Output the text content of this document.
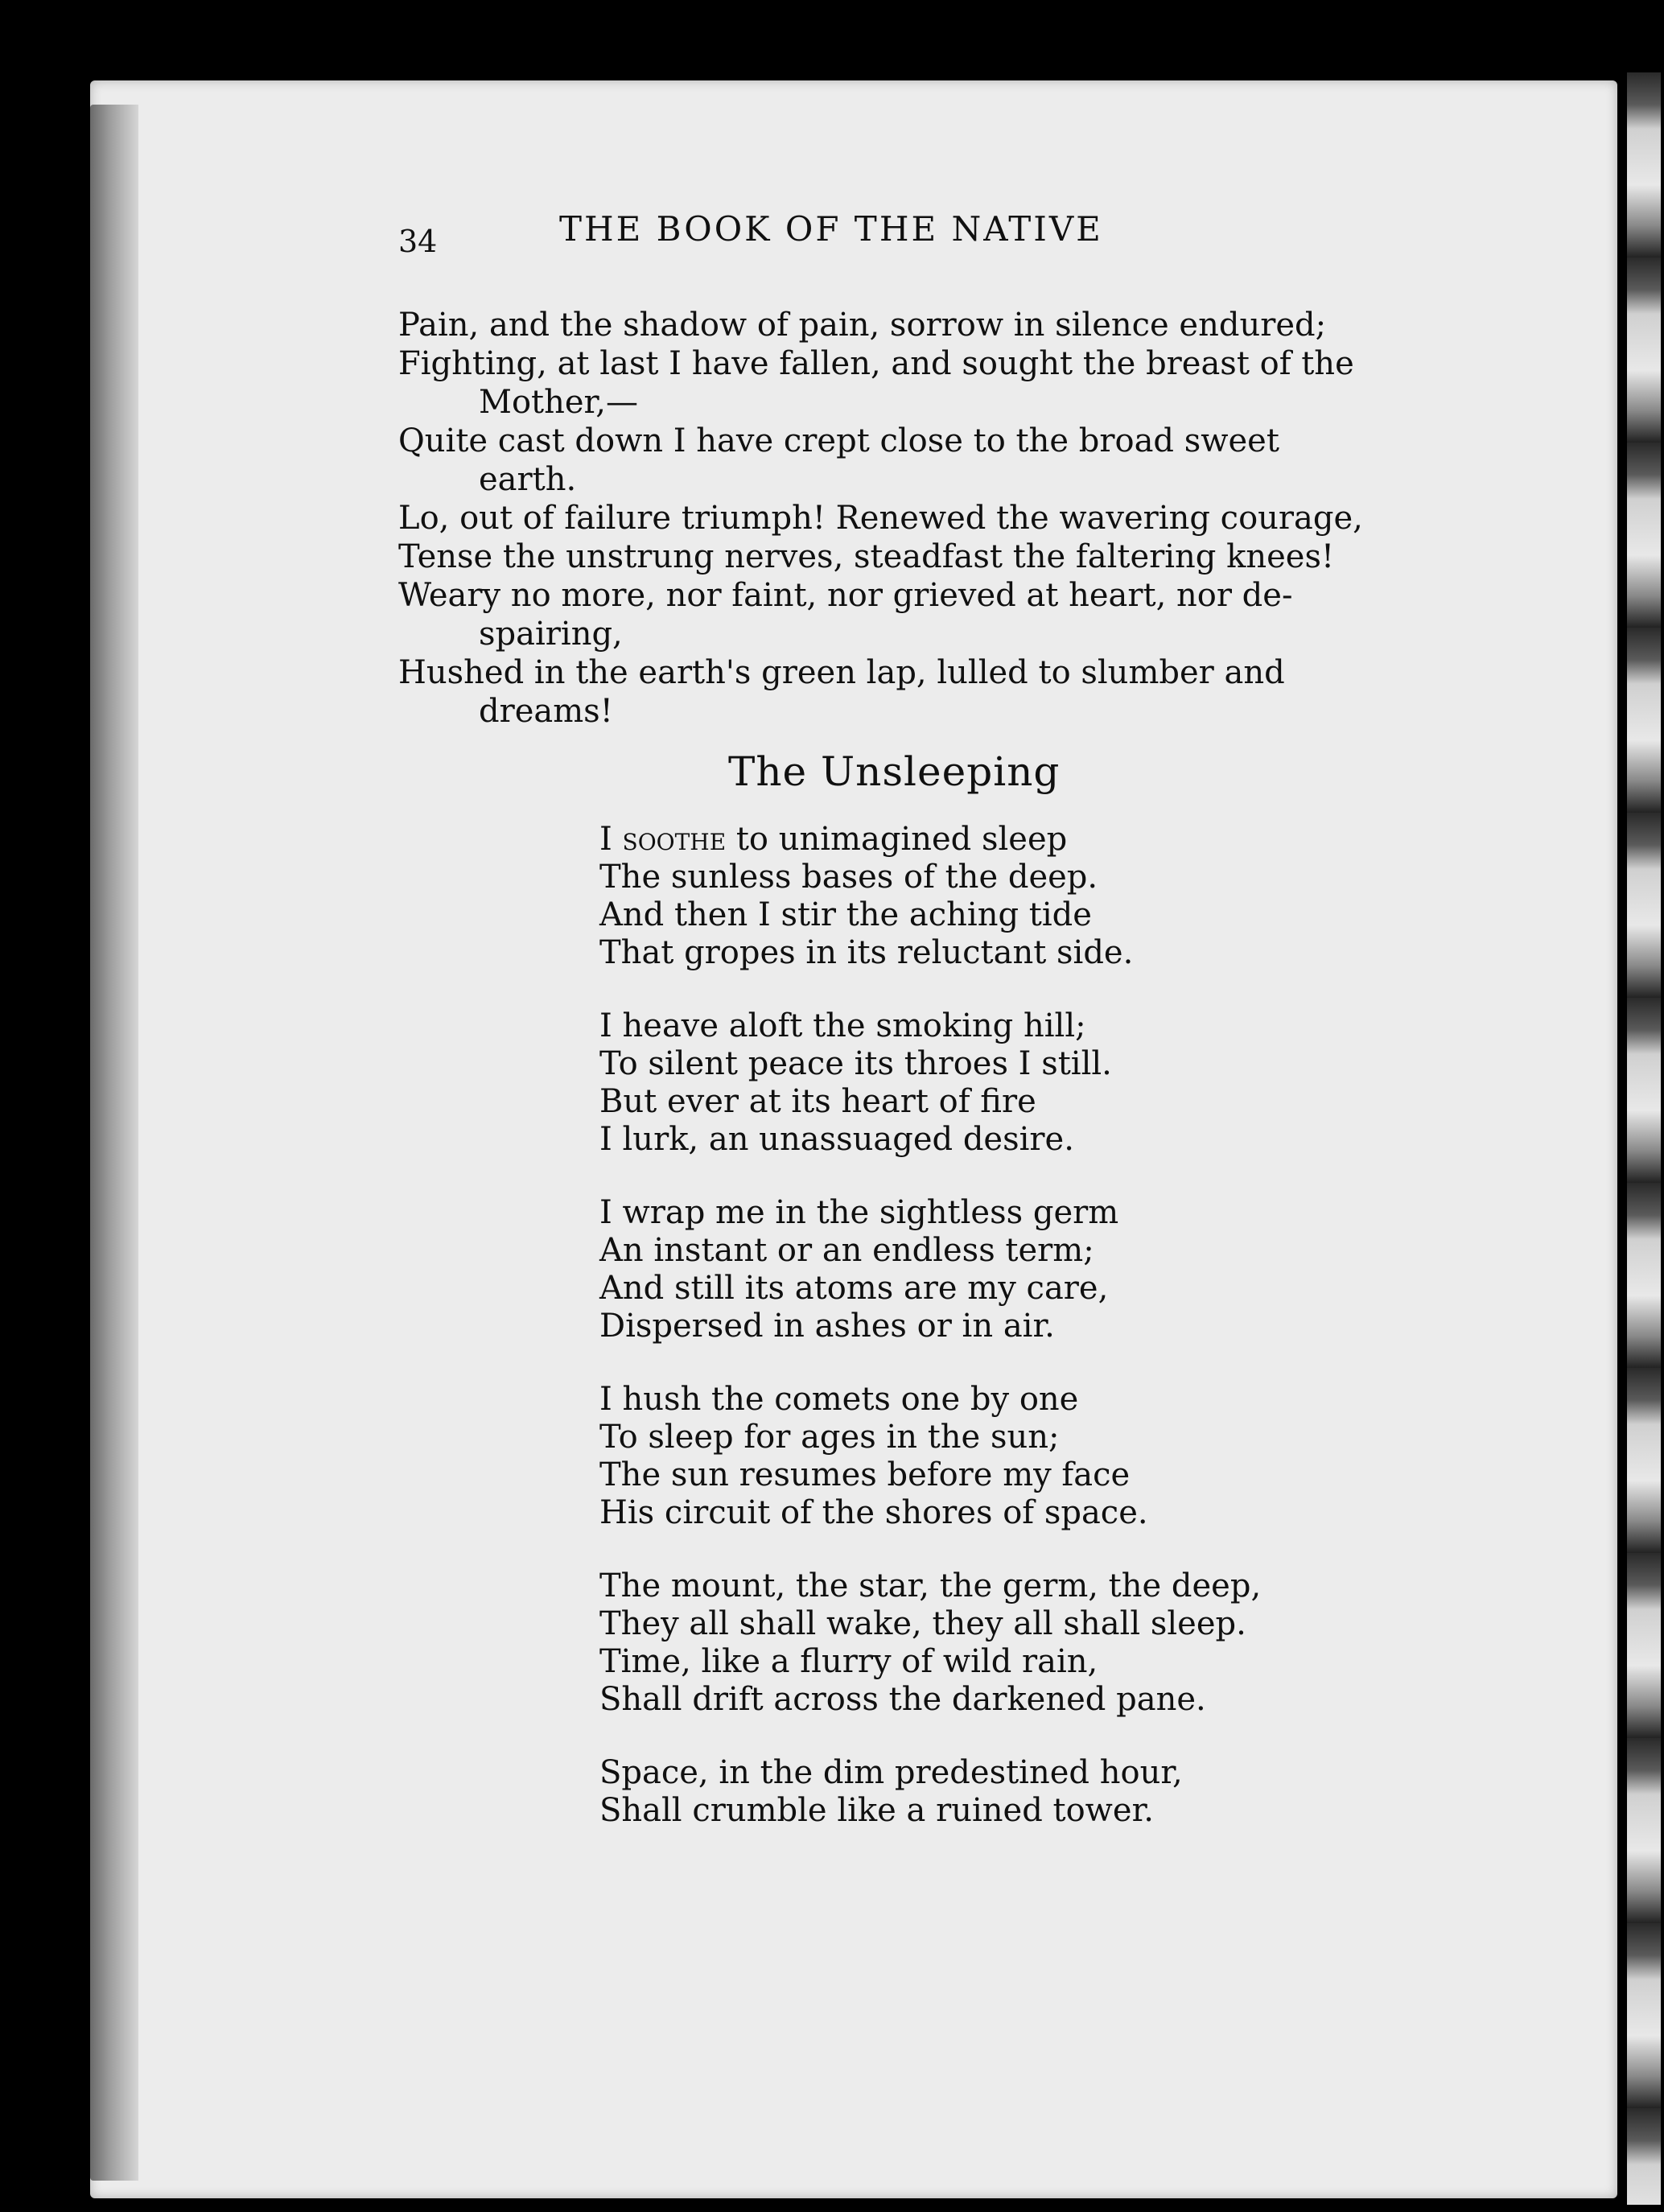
34	THE BOOK OF THE NATIVE
Pain, and the shadow of pain, sorrow in silence endured;
Fighting, at last I have fallen, and sought the breast of the
Mother,—
Quite cast down I have crept close to the broad sweet
earth.
Lo, out of failure triumph! Renewed the wavering courage,
Tense the unstrung nerves, steadfast the faltering knees!
Weary no more, nor faint, nor grieved at heart, nor de-
spairing,
Hushed in the earth's green lap, lulled to slumber and
dreams!
The Unsleeping
I soothe to unimagined sleep
The sunless bases of the deep.
And then I stir the aching tide
That gropes in its reluctant side.
I heave aloft the smoking hill;
To silent peace its throes I still.
But ever at its heart of fire
I lurk, an unassuaged desire.
I wrap me in the sightless germ
An instant or an endless term;
And still its atoms are my care,
Dispersed in ashes or in air.
I hush the comets one by one
To sleep for ages in the sun;
The sun resumes before my face
His circuit of the shores of space.
The mount, the star, the germ, the deep,
They all shall wake, they all shall sleep.
Time, like a flurry of wild rain,
Shall drift across the darkened pane.
Space, in the dim predestined hour,
Shall crumble like a ruined tower.
